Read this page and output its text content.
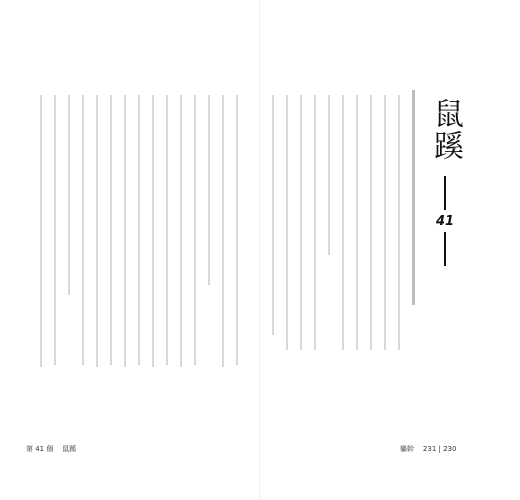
鼠蹊
41
第 41 個 鼠蹊	軀幹 231 | 230
